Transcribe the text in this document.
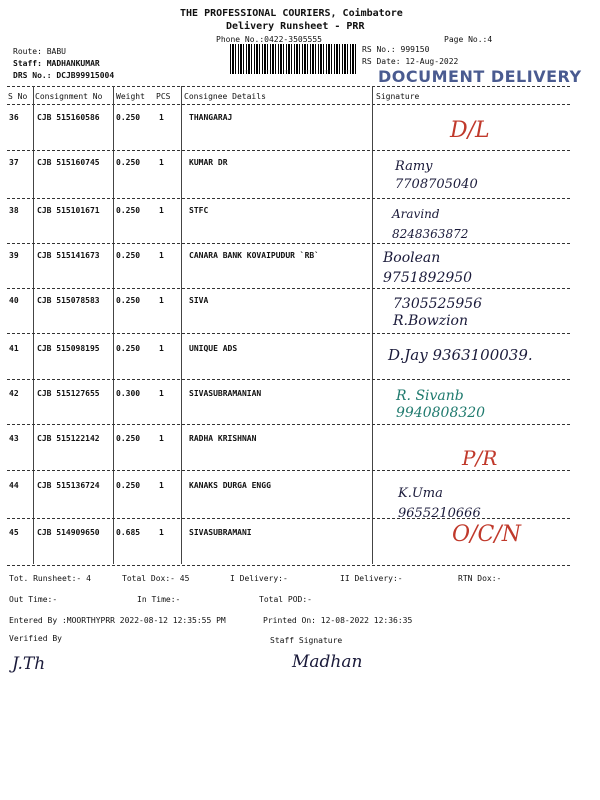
THE PROFESSIONAL COURIERS, Coimbatore
Delivery Runsheet - PRR
Phone No.:0422-3505555	Page No.:4
Route: BABU
Staff: MADHANKUMAR
DRS No.: DCJB99915004
RS No.: 999150
RS Date: 12-Aug-2022
DOCUMENT DELIVERY
S No Consignment No Weight PCS Consignee Details	Signature
36 CJB 515160586 0.250 1	THANGARAJ
D/L
37 CJB 515160745 0.250 1	KUMAR DR	Ramy
7708705040
38 CJB 515101671 0.250 1	STFC	Aravind
8248363872
39 CJB 515141673 0.250 1	CANARA BANK KOVAIPUDUR `RB`	Boolean
9751892950
40 CJB 515078583 0.250 1	SIVA	7305525956
R.Bowzion
41 CJB 515098195 0.250 1	UNIQUE ADS	D.Jay 9363100039.
42 CJB 515127655 0.300 1	SIVASUBRAMANIAN	R. Sivanb
9940808320
43 CJB 515122142 0.250 1	RADHA KRISHNAN
P/R
44 CJB 515136724 0.250 1	KANAKS DURGA ENGG
K.Uma
9655210666
45 CJB 514909650 0.685 1	SIVASUBRAMANI	O/C/N
Tot. Runsheet:- 4	Total Dox:- 45	I Delivery:-	II Delivery:-	RTN Dox:-
Out Time:-	In Time:-	Total POD:-
Entered By :MOORTHYPRR 2022-08-12 12:35:55 PM	Printed On: 12-08-2022 12:36:35
Verified By	Staff Signature
J.Th	Madhan
